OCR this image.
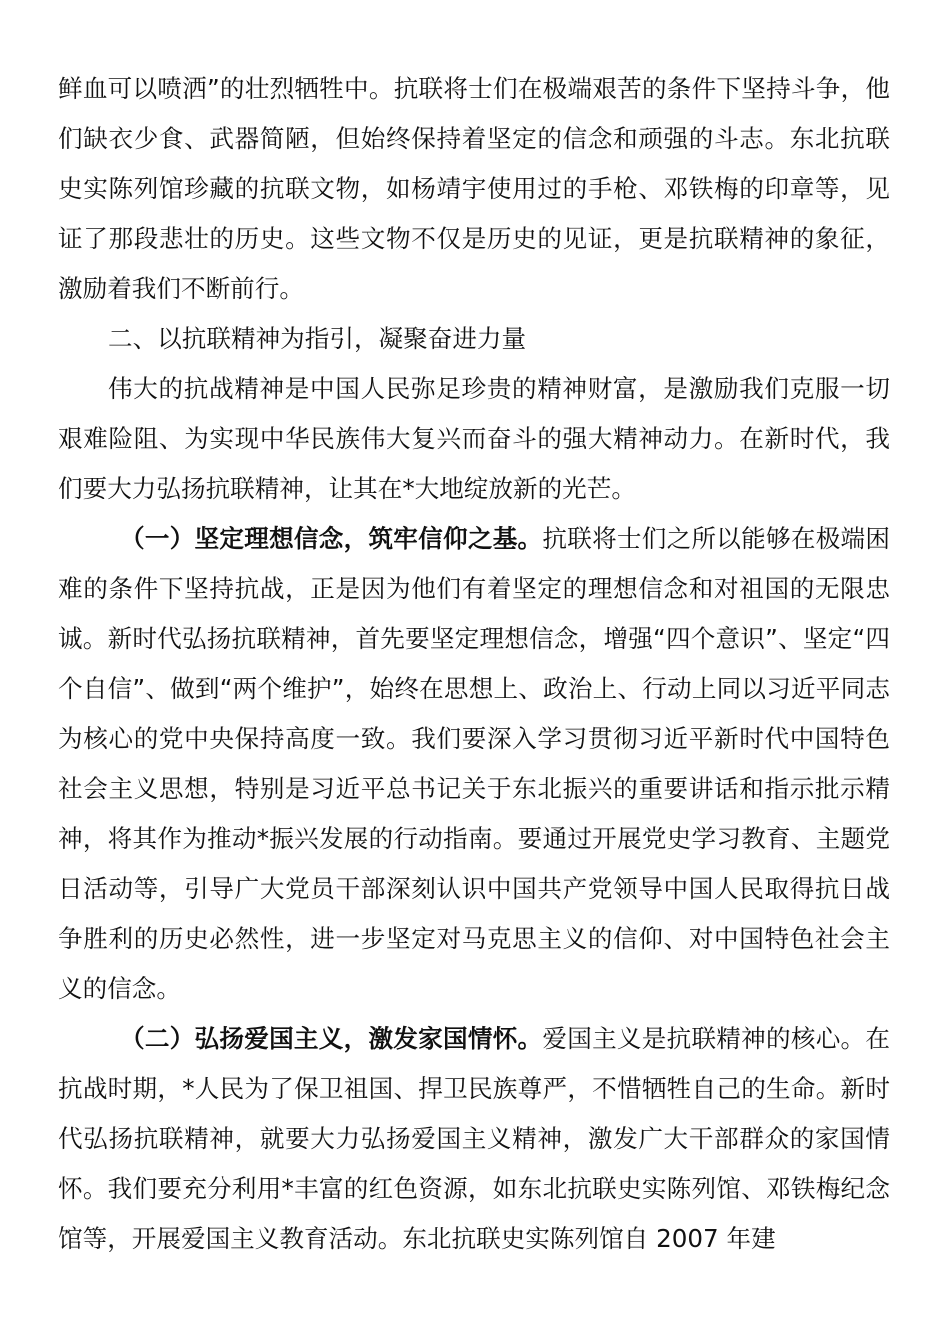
鲜血可以喷洒”的壮烈牺牲中。抗联将士们在极端艰苦的条件下坚持斗争，他们缺衣少食、武器简陋，但始终保持着坚定的信念和顽强的斗志。东北抗联史实陈列馆珍藏的抗联文物，如杨靖宇使用过的手枪、邓铁梅的印章等，见证了那段悲壮的历史。这些文物不仅是历史的见证，更是抗联精神的象征，激励着我们不断前行。

二、以抗联精神为指引，凝聚奋进力量

伟大的抗战精神是中国人民弥足珍贵的精神财富，是激励我们克服一切艰难险阻、为实现中华民族伟大复兴而奋斗的强大精神动力。在新时代，我们要大力弘扬抗联精神，让其在*大地绽放新的光芒。

（一）坚定理想信念，筑牢信仰之基。抗联将士们之所以能够在极端困难的条件下坚持抗战，正是因为他们有着坚定的理想信念和对祖国的无限忠诚。新时代弘扬抗联精神，首先要坚定理想信念，增强“四个意识”、坚定“四个自信”、做到“两个维护”，始终在思想上、政治上、行动上同以习近平同志为核心的党中央保持高度一致。我们要深入学习贯彻习近平新时代中国特色社会主义思想，特别是习近平总书记关于东北振兴的重要讲话和指示批示精神，将其作为推动*振兴发展的行动指南。要通过开展党史学习教育、主题党日活动等，引导广大党员干部深刻认识中国共产党领导中国人民取得抗日战争胜利的历史必然性，进一步坚定对马克思主义的信仰、对中国特色社会主义的信念。

（二）弘扬爱国主义，激发家国情怀。爱国主义是抗联精神的核心。在抗战时期，*人民为了保卫祖国、捍卫民族尊严，不惜牺牲自己的生命。新时代弘扬抗联精神，就要大力弘扬爱国主义精神，激发广大干部群众的家国情怀。我们要充分利用*丰富的红色资源，如东北抗联史实陈列馆、邓铁梅纪念馆等，开展爱国主义教育活动。东北抗联史实陈列馆自 2007 年建
